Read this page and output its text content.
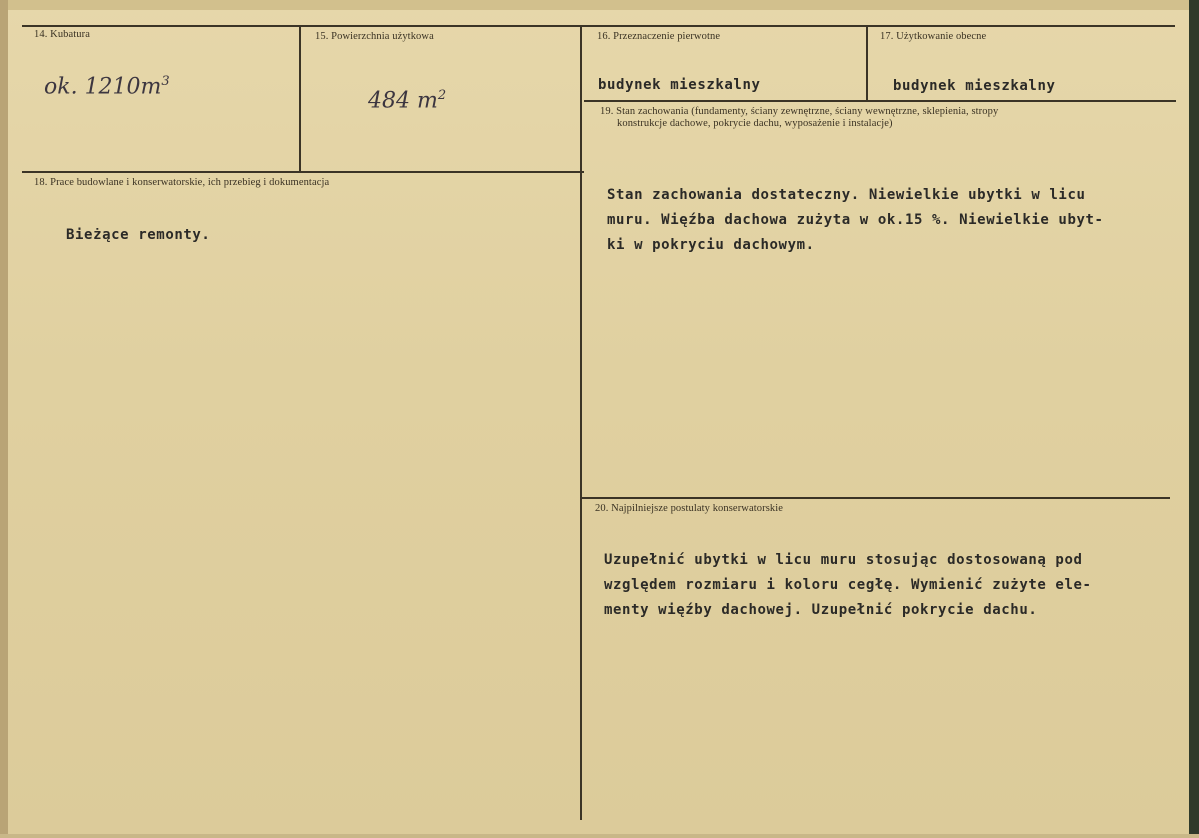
14. Kubatura
ok. $1210m^3$
15. Powierzchnia użytkowa
484 $m^2$
16. Przeznaczenie pierwotne
budynek mieszkalny
17. Użytkowanie obecne
budynek mieszkalny
18. Prace budowlane i konserwatorskie, ich przebieg i dokumentacja
Bieżące remonty.
19. Stan zachowania (fundamenty, ściany zewnętrzne, ściany wewnętrzne, sklepienia, stropy
konstrukcje dachowe, pokrycie dachu, wyposażenie i instalacje)
Stan zachowania dostateczny. Niewielkie ubytki w licu
muru. Więźba dachowa zużyta w ok.15 %. Niewielkie ubyt-
ki w pokryciu dachowym.
20. Najpilniejsze postulaty konserwatorskie
Uzupełnić ubytki w licu muru stosując dostosowaną pod
względem rozmiaru i koloru cegłę. Wymienić zużyte ele-
menty więźby dachowej. Uzupełnić pokrycie dachu.
